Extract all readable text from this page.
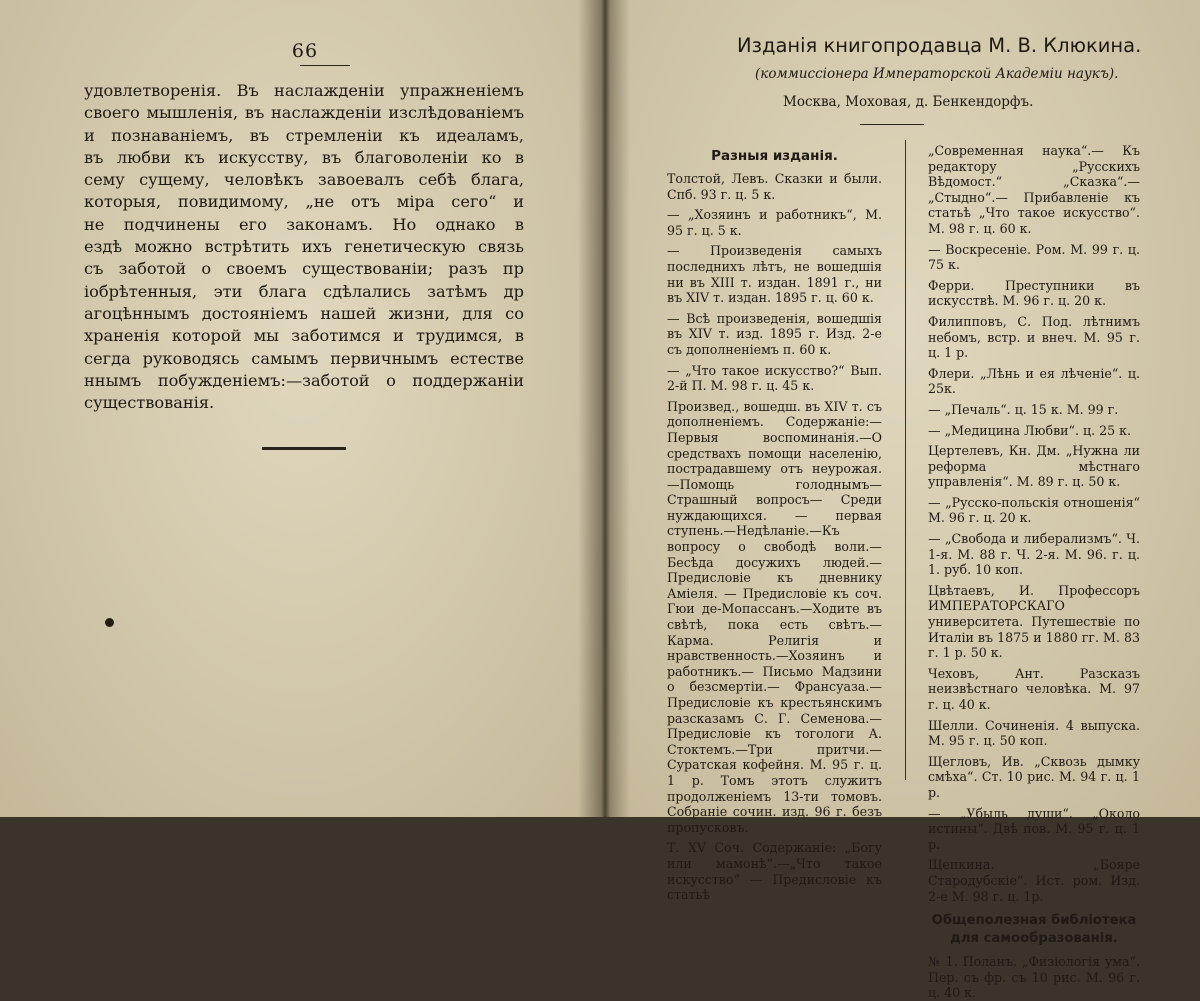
66
удовлетворенія. Въ наслажденіи упражненіемъ
своего мышленія, въ наслажденіи изслѣдованіемъ
и познаваніемъ, въ стремленіи къ идеаламъ,
въ любви къ искусству, въ благоволеніи ко в
сему сущему, человѣкъ завоевалъ себѣ блага,
которыя, повидимому, „не отъ міра сего“ и
не подчинены его законамъ. Но однако в
ездѣ можно встрѣтить ихъ генетическую связь
съ заботой о своемъ существованіи; разъ пр
іобрѣтенныя, эти блага сдѣлались затѣмъ др
агоцѣннымъ достояніемъ нашей жизни, для со
храненія которой мы заботимся и трудимся, в
сегда руководясь самымъ первичнымъ естестве
ннымъ побужденіемъ:—заботой о поддержаніи
существованія.
Изданія книгопродавца М. В. Клюкина.
(коммиссіонера Императорской Академіи наукъ).
Москва, Моховая, д. Бенкендорфъ.
Разныя изданія.
Толстой, Левъ. Сказки и были. Спб. 93 г. ц. 5 к.
— „Хозяинъ и работникъ“, М. 95 г. ц. 5 к.
— Произведенія самыхъ последнихъ лѣтъ, не вошедшія ни въ XIII т. издан. 1891 г., ни въ XIV т. издан. 1895 г. ц. 60 к.
— Всѣ произведенія, вошедшія въ XIV т. изд. 1895 г. Изд. 2-е съ дополненіемъ п. 60 к.
— „Что такое искусство?“ Вып. 2-й П. М. 98 г. ц. 45 к.
Произвед., вошедш. въ XIV т. съ дополненіемъ. Содержаніе:— Первыя воспоминанія.—О средствахъ помощи населенію, пострадавшему отъ неурожая.—Помощь голоднымъ—Страшный вопросъ— Среди нуждающихся. — первая ступень.—Недѣланіе.—Къ вопросу о свободѣ воли.—Бесѣда досужихъ людей.—Предисловіе къ дневнику Аміеля. — Предисловіе къ соч. Гюи де-Мопассанъ.—Ходите въ свѣтѣ, пока есть свѣтъ.— Карма. Религія и нравственность.—Хозяинъ и работникъ.— Письмо Мадзини о безсмертіи.— Франсуаза.—Предисловіе къ крестьянскимъ разсказамъ С. Г. Семенова.—Предисловіе къ тогологи А. Стоктемъ.—Три притчи.— Суратская кофейня. М. 95 г. ц. 1 р. Томъ этотъ служитъ продолженіемъ 13-ти томовъ. Собраніе сочин. изд. 96 г. безъ пропусковъ.
Т. XV Соч. Содержаніе: „Богу или мамонѣ“.—„Что такое искусство“ — Предисловіе къ статьѣ
„Современная наука“.— Къ редактору „Русскихъ Вѣдомост.“ „Сказка“.—„Стыдно“.— Прибавленіе къ статьѣ „Что такое искусство“. М. 98 г. ц. 60 к.
— Воскресеніе. Ром. М. 99 г. ц. 75 к.
Ферри. Преступники въ искусствѣ. М. 96 г. ц. 20 к.
Филипповъ, С. Под. лѣтнимъ небомъ, встр. и внеч. М. 95 г. ц. 1 р.
Флери. „Лѣнь и ея лѣченіе“. ц. 25к.
— „Печаль“. ц. 15 к. М. 99 г.
— „Медицина Любви“. ц. 25 к.
Цертелевъ, Кн. Дм. „Нужна ли реформа мѣстнаго управленія“. М. 89 г. ц. 50 к.
— „Русско-польскія отношенія“ М. 96 г. ц. 20 к.
— „Свобода и либерализмъ“. Ч. 1-я. М. 88 г. Ч. 2-я. М. 96. г. ц. 1. руб. 10 коп.
Цвѣтаевъ, И. Профессоръ ИМПЕРАТОРСКАГО университета. Путешествіе по Италіи въ 1875 и 1880 гг. М. 83 г. 1 р. 50 к.
Чеховъ, Ант. Разсказъ неизвѣстнаго человѣка. М. 97 г. ц. 40 к.
Шелли. Сочиненія. 4 выпуска. М. 95 г. ц. 50 коп.
Щегловъ, Ив. „Сквозь дымку смѣха“. Ст. 10 рис. М. 94 г. ц. 1 р.
— „Убыль души“. „Около истины“. Двѣ пов. М. 95 г. ц. 1 р.
Щепкина. „Бояре Стародубскіе“. Ист. ром. Изд. 2-е М. 98 г. ц. 1р.
Общеполезная библіотека для самообразованія.
№ 1. Поланъ. „Физіологія ума“. Пер. съ фр. съ 10 рис. М. 96 г. ц. 40 к.
